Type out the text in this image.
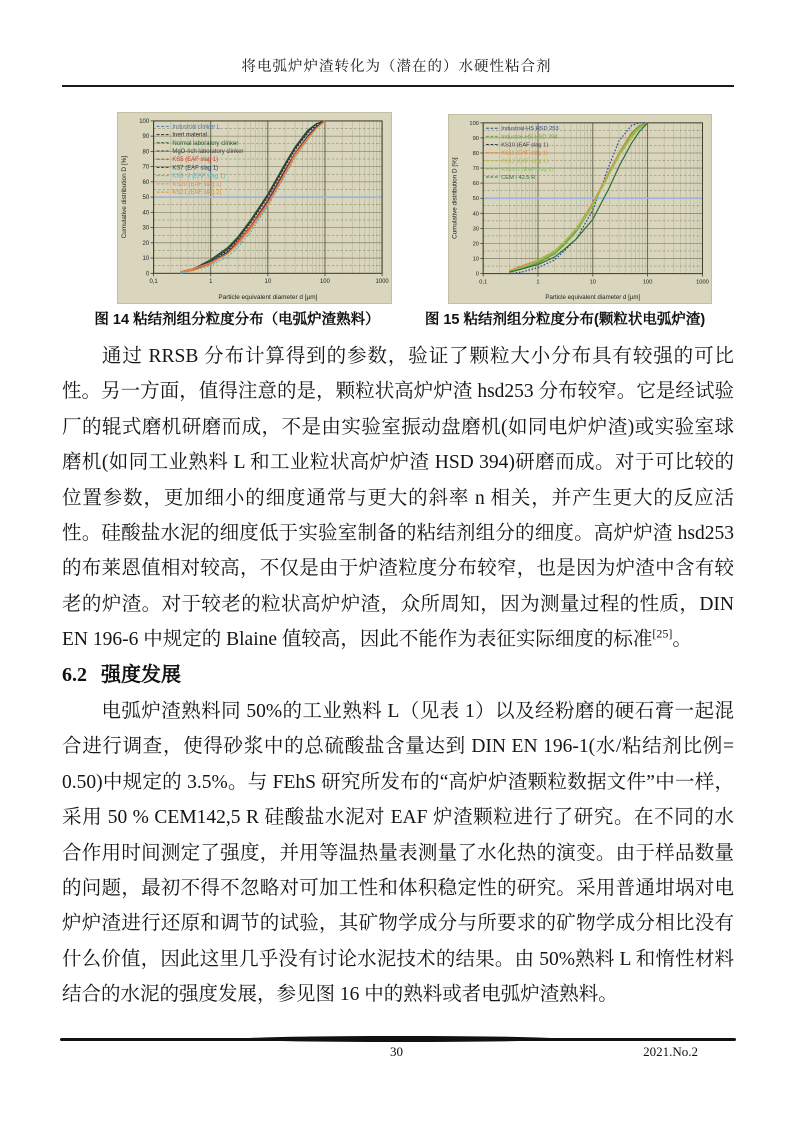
将电弧炉炉渣转化为（潜在的）水硬性粘合剂
0
10
20
30
40
50
60
70
80
90
100
0,1	1	10	100	1000
Particle equivalent diameter d [µm]
Cumulative distribution D [%]
Industrial clinker L
Inert material
Normal laboratory clinker
MgO-rich laboratory clinker
KS5 (EAF slag 1)
KS7 (EAF slag 1)
KS9 -3 (EAF slag 1)
KS20 (EAF slag 1)
KS21 (EAF slag 2)
0
10
20
30
40
50
60
70
80
90
100
0,1	1	10	100	1000
Particle equivalent diameter d [µm]
Cumulative distribution D [%]
Industrial-HS HSD 253
Industrie-HS HSD 394
KS10 (EAF slag 1)
KS11 (EAF slag 1)
KS12 (EAF slag 1)
KS13-2 (EAF slag 1)
CEM I 42.5 R
图 14 粘结剂组分粒度分布（电弧炉渣熟料）	图 15 粘结剂组分粒度分布(颗粒状电弧炉渣)
通过 RRSB 分布计算得到的参数，验证了颗粒大小分布具有较强的可比性。另一方面，值得注意的是，颗粒状高炉炉渣 hsd253 分布较窄。它是经试验厂的辊式磨机研磨而成，不是由实验室振动盘磨机(如同电炉炉渣)或实验室球磨机(如同工业熟料 L 和工业粒状高炉炉渣 HSD 394)研磨而成。对于可比较的位置参数，更加细小的细度通常与更大的斜率 n 相关，并产生更大的反应活性。硅酸盐水泥的细度低于实验室制备的粘结剂组分的细度。高炉炉渣 hsd253 的布莱恩值相对较高，不仅是由于炉渣粒度分布较窄，也是因为炉渣中含有较老的炉渣。对于较老的粒状高炉炉渣，众所周知，因为测量过程的性质，DIN EN 196-6 中规定的 Blaine 值较高，因此不能作为表征实际细度的标准[25]。
6.2 强度发展
电弧炉渣熟料同 50%的工业熟料 L（见表 1）以及经粉磨的硬石膏一起混合进行调查，使得砂浆中的总硫酸盐含量达到 DIN EN 196-1(水/粘结剂比例= 0.50)中规定的 3.5%。与 FEhS 研究所发布的“高炉炉渣颗粒数据文件”中一样，采用 50 % CEM142,5 R 硅酸盐水泥对 EAF 炉渣颗粒进行了研究。在不同的水合作用时间测定了强度，并用等温热量表测量了水化热的演变。由于样品数量的问题，最初不得不忽略对可加工性和体积稳定性的研究。采用普通坩埚对电炉炉渣进行还原和调节的试验，其矿物学成分与所要求的矿物学成分相比没有什么价值，因此这里几乎没有讨论水泥技术的结果。由 50%熟料 L 和惰性材料结合的水泥的强度发展，参见图 16 中的熟料或者电弧炉渣熟料。
30	2021.No.2
